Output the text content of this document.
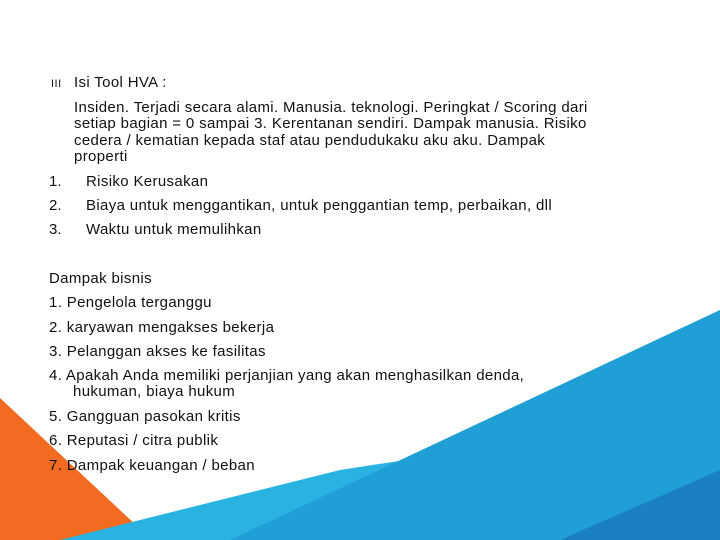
III Isi Tool HVA :

Insiden. Terjadi secara alami. Manusia. teknologi. Peringkat / Scoring dari

setiap bagian = 0 sampai 3. Kerentanan sendiri. Dampak manusia. Risiko

cedera / kematian kepada staf atau pendudukaku aku aku. Dampak

properti

1. Risiko Kerusakan

2. Biaya untuk menggantikan, untuk penggantian temp, perbaikan, dll

3. Waktu untuk memulihkan

Dampak bisnis

1. Pengelola terganggu

2. karyawan mengakses bekerja

3. Pelanggan akses ke fasilitas

4. Apakah Anda memiliki perjanjian yang akan menghasilkan denda,

hukuman, biaya hukum

5. Gangguan pasokan kritis

6. Reputasi / citra publik

7. Dampak keuangan / beban
